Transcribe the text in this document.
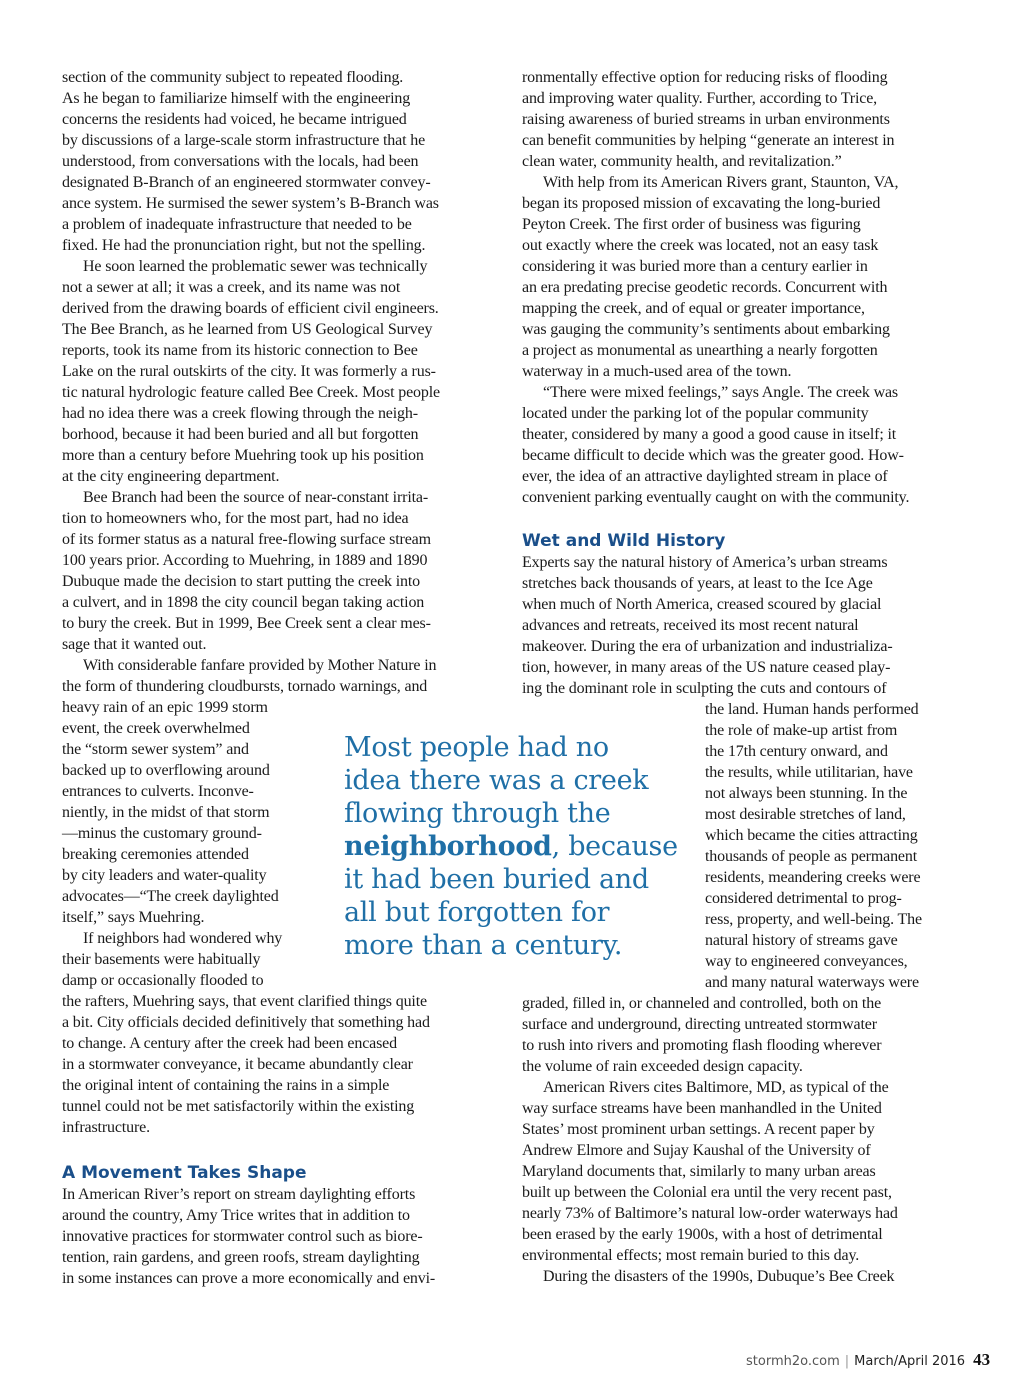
section of the community subject to repeated flooding.
As he began to familiarize himself with the engineering
concerns the residents had voiced, he became intrigued
by discussions of a large-scale storm infrastructure that he
understood, from conversations with the locals, had been
designated B-Branch of an engineered stormwater convey-
ance system. He surmised the sewer system’s B-Branch was
a problem of inadequate infrastructure that needed to be
fixed. He had the pronunciation right, but not the spelling.
He soon learned the problematic sewer was technically
not a sewer at all; it was a creek, and its name was not
derived from the drawing boards of efficient civil engineers.
The Bee Branch, as he learned from US Geological Survey
reports, took its name from its historic connection to Bee
Lake on the rural outskirts of the city. It was formerly a rus-
tic natural hydrologic feature called Bee Creek. Most people
had no idea there was a creek flowing through the neigh-
borhood, because it had been buried and all but forgotten
more than a century before Muehring took up his position
at the city engineering department.
Bee Branch had been the source of near-constant irrita-
tion to homeowners who, for the most part, had no idea
of its former status as a natural free-flowing surface stream
100 years prior. According to Muehring, in 1889 and 1890
Dubuque made the decision to start putting the creek into
a culvert, and in 1898 the city council began taking action
to bury the creek. But in 1999, Bee Creek sent a clear mes-
sage that it wanted out.
With considerable fanfare provided by Mother Nature in
the form of thundering cloudbursts, tornado warnings, and
heavy rain of an epic 1999 storm
event, the creek overwhelmed
the “storm sewer system” and
backed up to overflowing around
entrances to culverts. Inconve-
niently, in the midst of that storm
—minus the customary ground-
breaking ceremonies attended
by city leaders and water-quality
advocates—“The creek daylighted
itself,” says Muehring.
If neighbors had wondered why
their basements were habitually
damp or occasionally flooded to
the rafters, Muehring says, that event clarified things quite
a bit. City officials decided definitively that something had
to change. A century after the creek had been encased
in a stormwater conveyance, it became abundantly clear
the original intent of containing the rains in a simple
tunnel could not be met satisfactorily within the existing
infrastructure.
A Movement Takes Shape
In American River’s report on stream daylighting efforts
around the country, Amy Trice writes that in addition to
innovative practices for stormwater control such as biore-
tention, rain gardens, and green roofs, stream daylighting
in some instances can prove a more economically and envi-
ronmentally effective option for reducing risks of flooding
and improving water quality. Further, according to Trice,
raising awareness of buried streams in urban environments
can benefit communities by helping “generate an interest in
clean water, community health, and revitalization.”
With help from its American Rivers grant, Staunton, VA,
began its proposed mission of excavating the long-buried
Peyton Creek. The first order of business was figuring
out exactly where the creek was located, not an easy task
considering it was buried more than a century earlier in
an era predating precise geodetic records. Concurrent with
mapping the creek, and of equal or greater importance,
was gauging the community’s sentiments about embarking
a project as monumental as unearthing a nearly forgotten
waterway in a much-used area of the town.
“There were mixed feelings,” says Angle. The creek was
located under the parking lot of the popular community
theater, considered by many a good a good cause in itself; it
became difficult to decide which was the greater good. How-
ever, the idea of an attractive daylighted stream in place of
convenient parking eventually caught on with the community.
Wet and Wild History
Experts say the natural history of America’s urban streams
stretches back thousands of years, at least to the Ice Age
when much of North America, creased scoured by glacial
advances and retreats, received its most recent natural
makeover. During the era of urbanization and industrializa-
tion, however, in many areas of the US nature ceased play-
ing the dominant role in sculpting the cuts and contours of
the land. Human hands performed
the role of make-up artist from
the 17th century onward, and
the results, while utilitarian, have
not always been stunning. In the
most desirable stretches of land,
which became the cities attracting
thousands of people as permanent
residents, meandering creeks were
considered detrimental to prog-
ress, property, and well-being. The
natural history of streams gave
way to engineered conveyances,
and many natural waterways were
graded, filled in, or channeled and controlled, both on the
surface and underground, directing untreated stormwater
to rush into rivers and promoting flash flooding wherever
the volume of rain exceeded design capacity.
American Rivers cites Baltimore, MD, as typical of the
way surface streams have been manhandled in the United
States’ most prominent urban settings. A recent paper by
Andrew Elmore and Sujay Kaushal of the University of
Maryland documents that, similarly to many urban areas
built up between the Colonial era until the very recent past,
nearly 73% of Baltimore’s natural low-order waterways had
been erased by the early 1900s, with a host of detrimental
environmental effects; most remain buried to this day.
During the disasters of the 1990s, Dubuque’s Bee Creek
Most people had no
idea there was a creek
flowing through the
neighborhood, because
it had been buried and
all but forgotten for
more than a century.
stormh2o.com | March/April 2016 43
